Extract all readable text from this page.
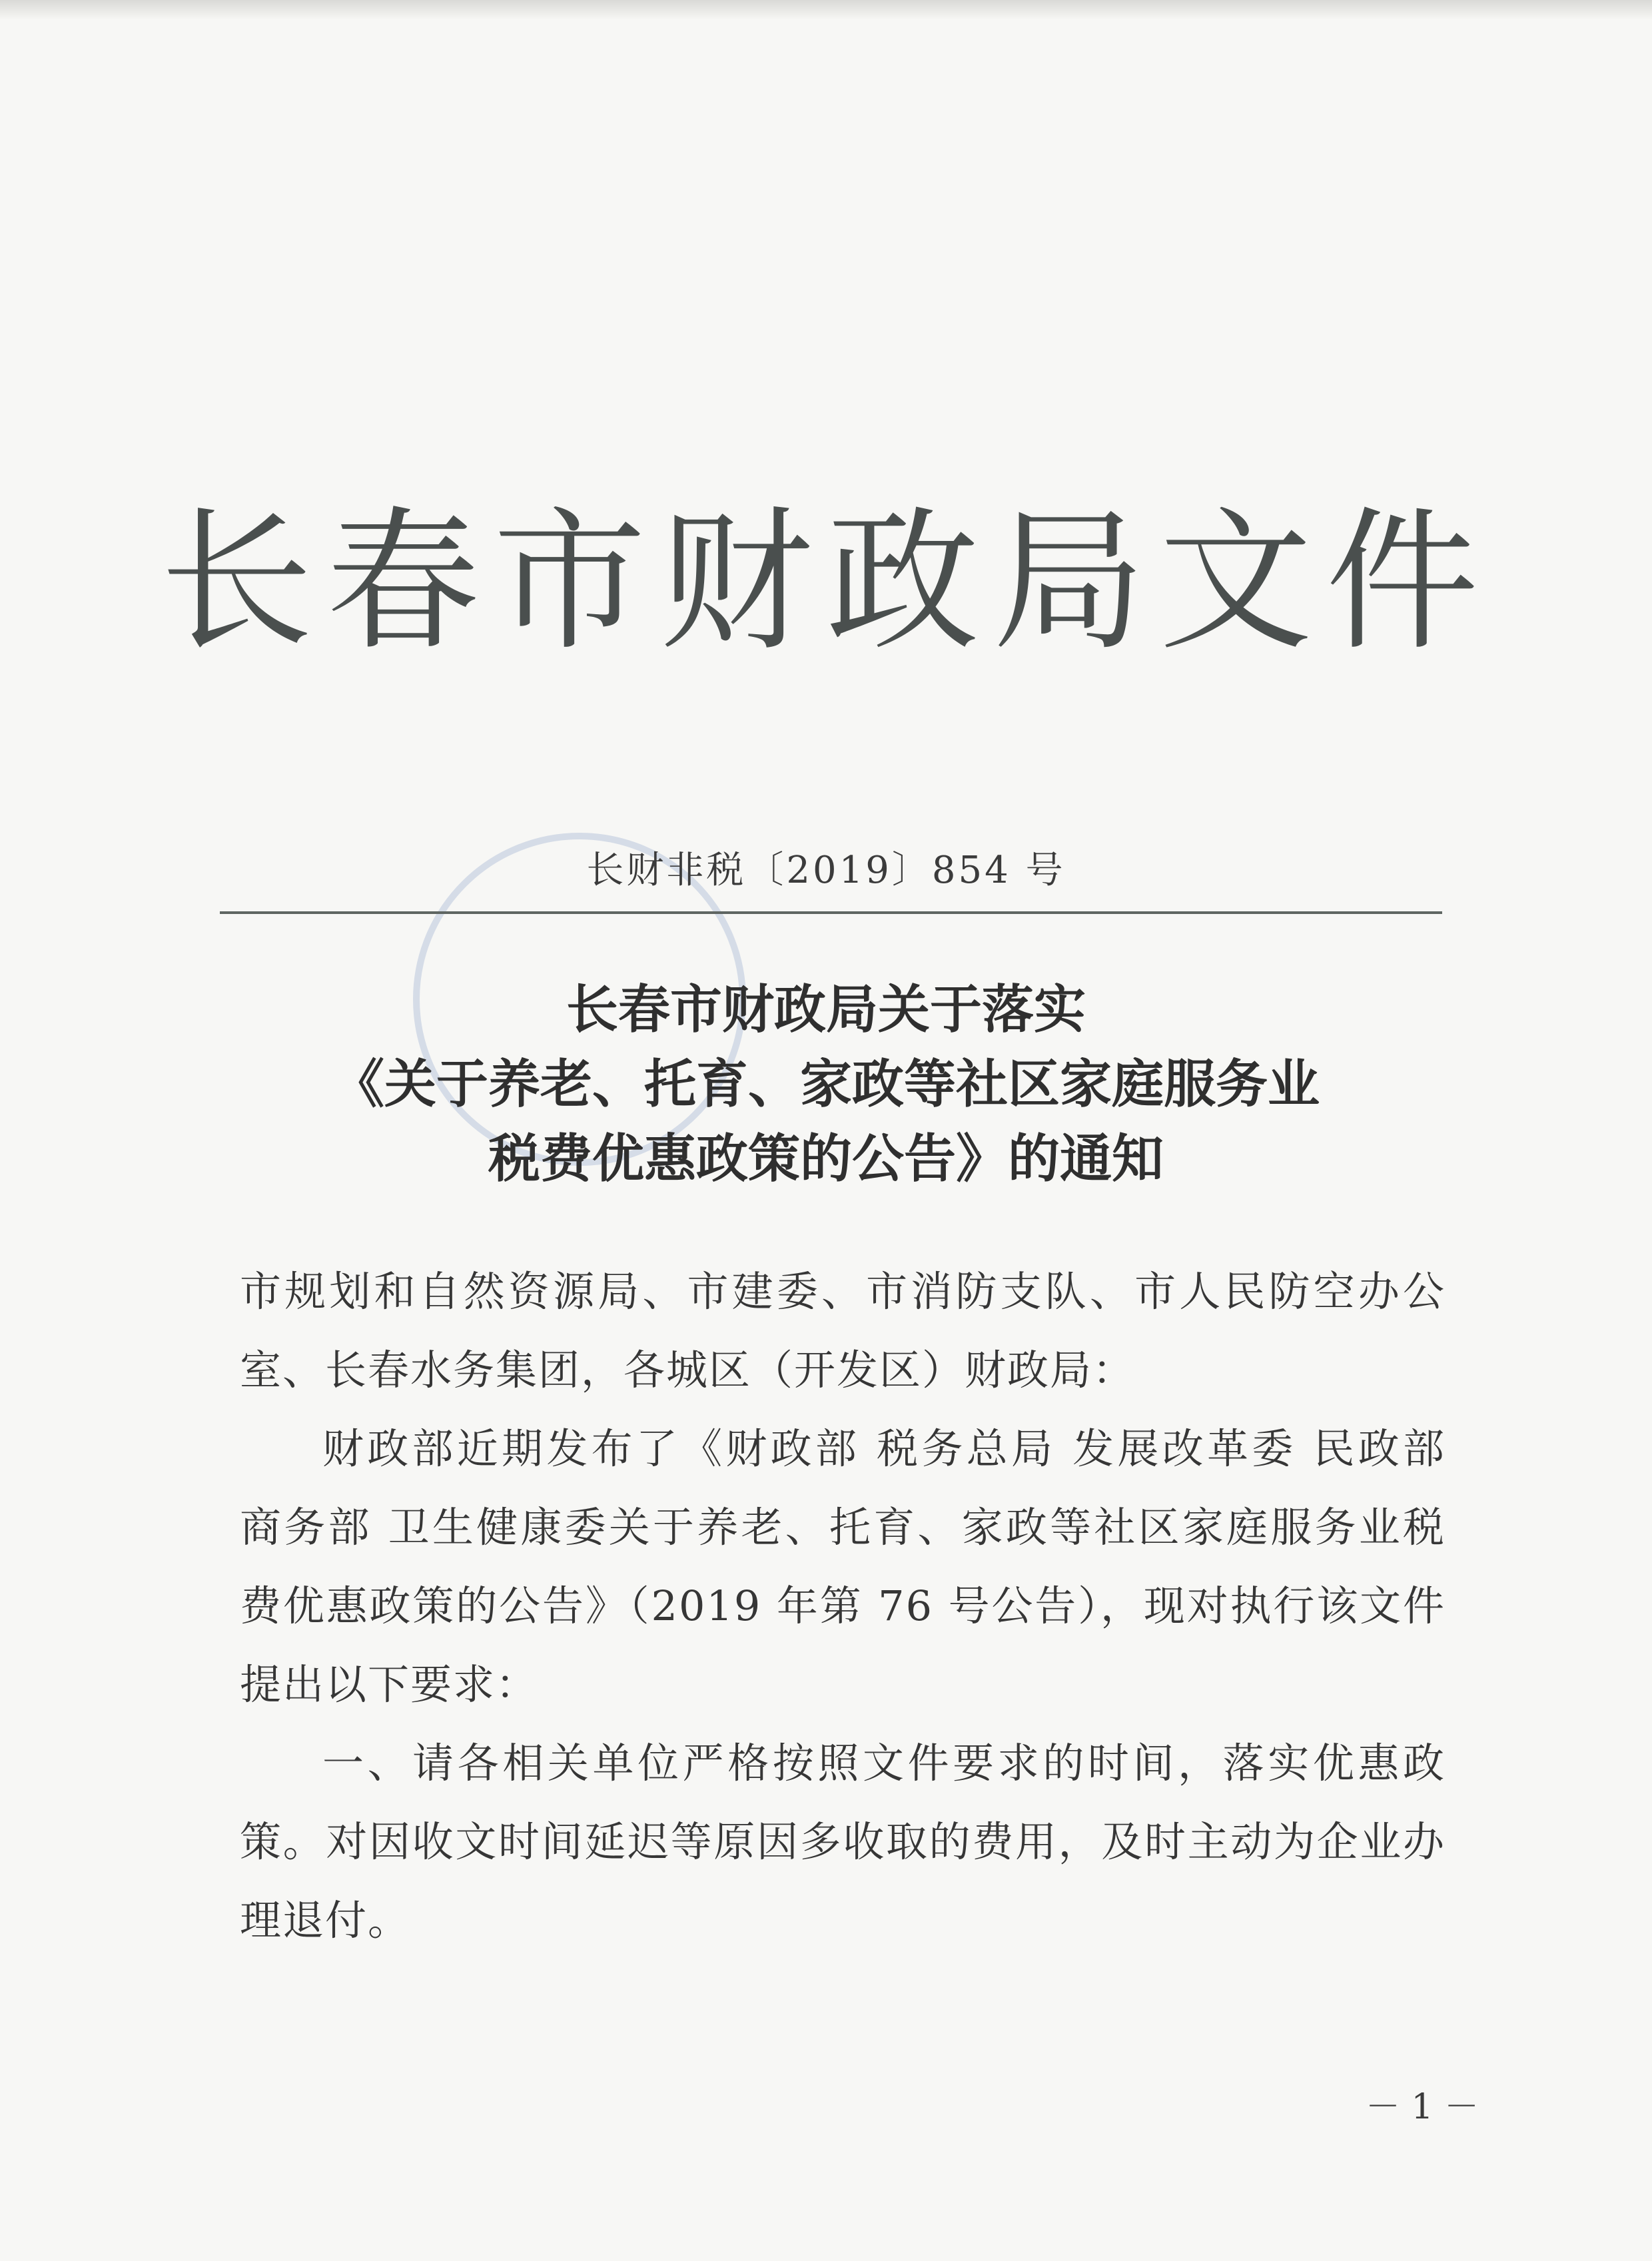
长春市财政局文件
长财非税〔2019〕854 号
长春市财政局关于落实
《关于养老、托育、家政等社区家庭服务业
税费优惠政策的公告》的通知

市规划和自然资源局、市建委、市消防支队、市人民防空办公室、长春水务集团，各城区（开发区）财政局：

财政部近期发布了《财政部 税务总局 发展改革委 民政部 商务部 卫生健康委关于养老、托育、家政等社区家庭服务业税费优惠政策的公告》（2019 年第 76 号公告），现对执行该文件提出以下要求：

一、请各相关单位严格按照文件要求的时间，落实优惠政策。对因收文时间延迟等原因多收取的费用，及时主动为企业办理退付。

－ 1 －
